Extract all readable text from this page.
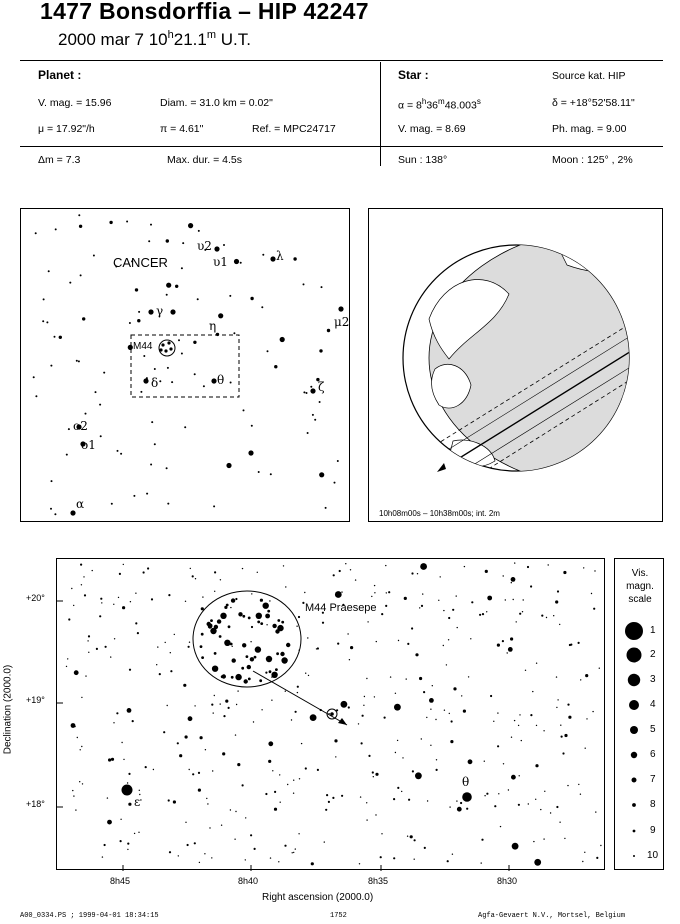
1477 Bonsdorffia – HIP 42247
2000 mar 7 10$^h$21.1$^m$ U.T.
Planet :
V. mag. = 15.96	Diam. = 31.0 km = 0.02"
μ = 17.92"/h	π = 4.61"	Ref. = MPC24717
Star :	Source kat. HIP
$\alpha = 8^h36^m48.003^s$	δ = +18°52'58.11"
V. mag. = 8.69	Ph. mag. = 9.00
Δm = 7.3	Max. dur. = 4.5s	Sun : 138°	Moon : 125° , 2%
CANCER
M44
υ2
υ1	λ
γ
η	μ2
δ	θ	ζ
o2
o1
α
10h08m00s – 10h38m00s; int. 2m
M44 Praesepe
ε
θ
8h45	8h40	8h35	8h30
+20°
+19°
+18°
Right ascension (2000.0)
Declination (2000.0)
Vis.
magn.
scale
1
2
3
4
5
6
7
8
9
10
A00_0334.PS ; 1999-04-01 18:34:15	1752	Agfa-Gevaert N.V., Mortsel, Belgium
